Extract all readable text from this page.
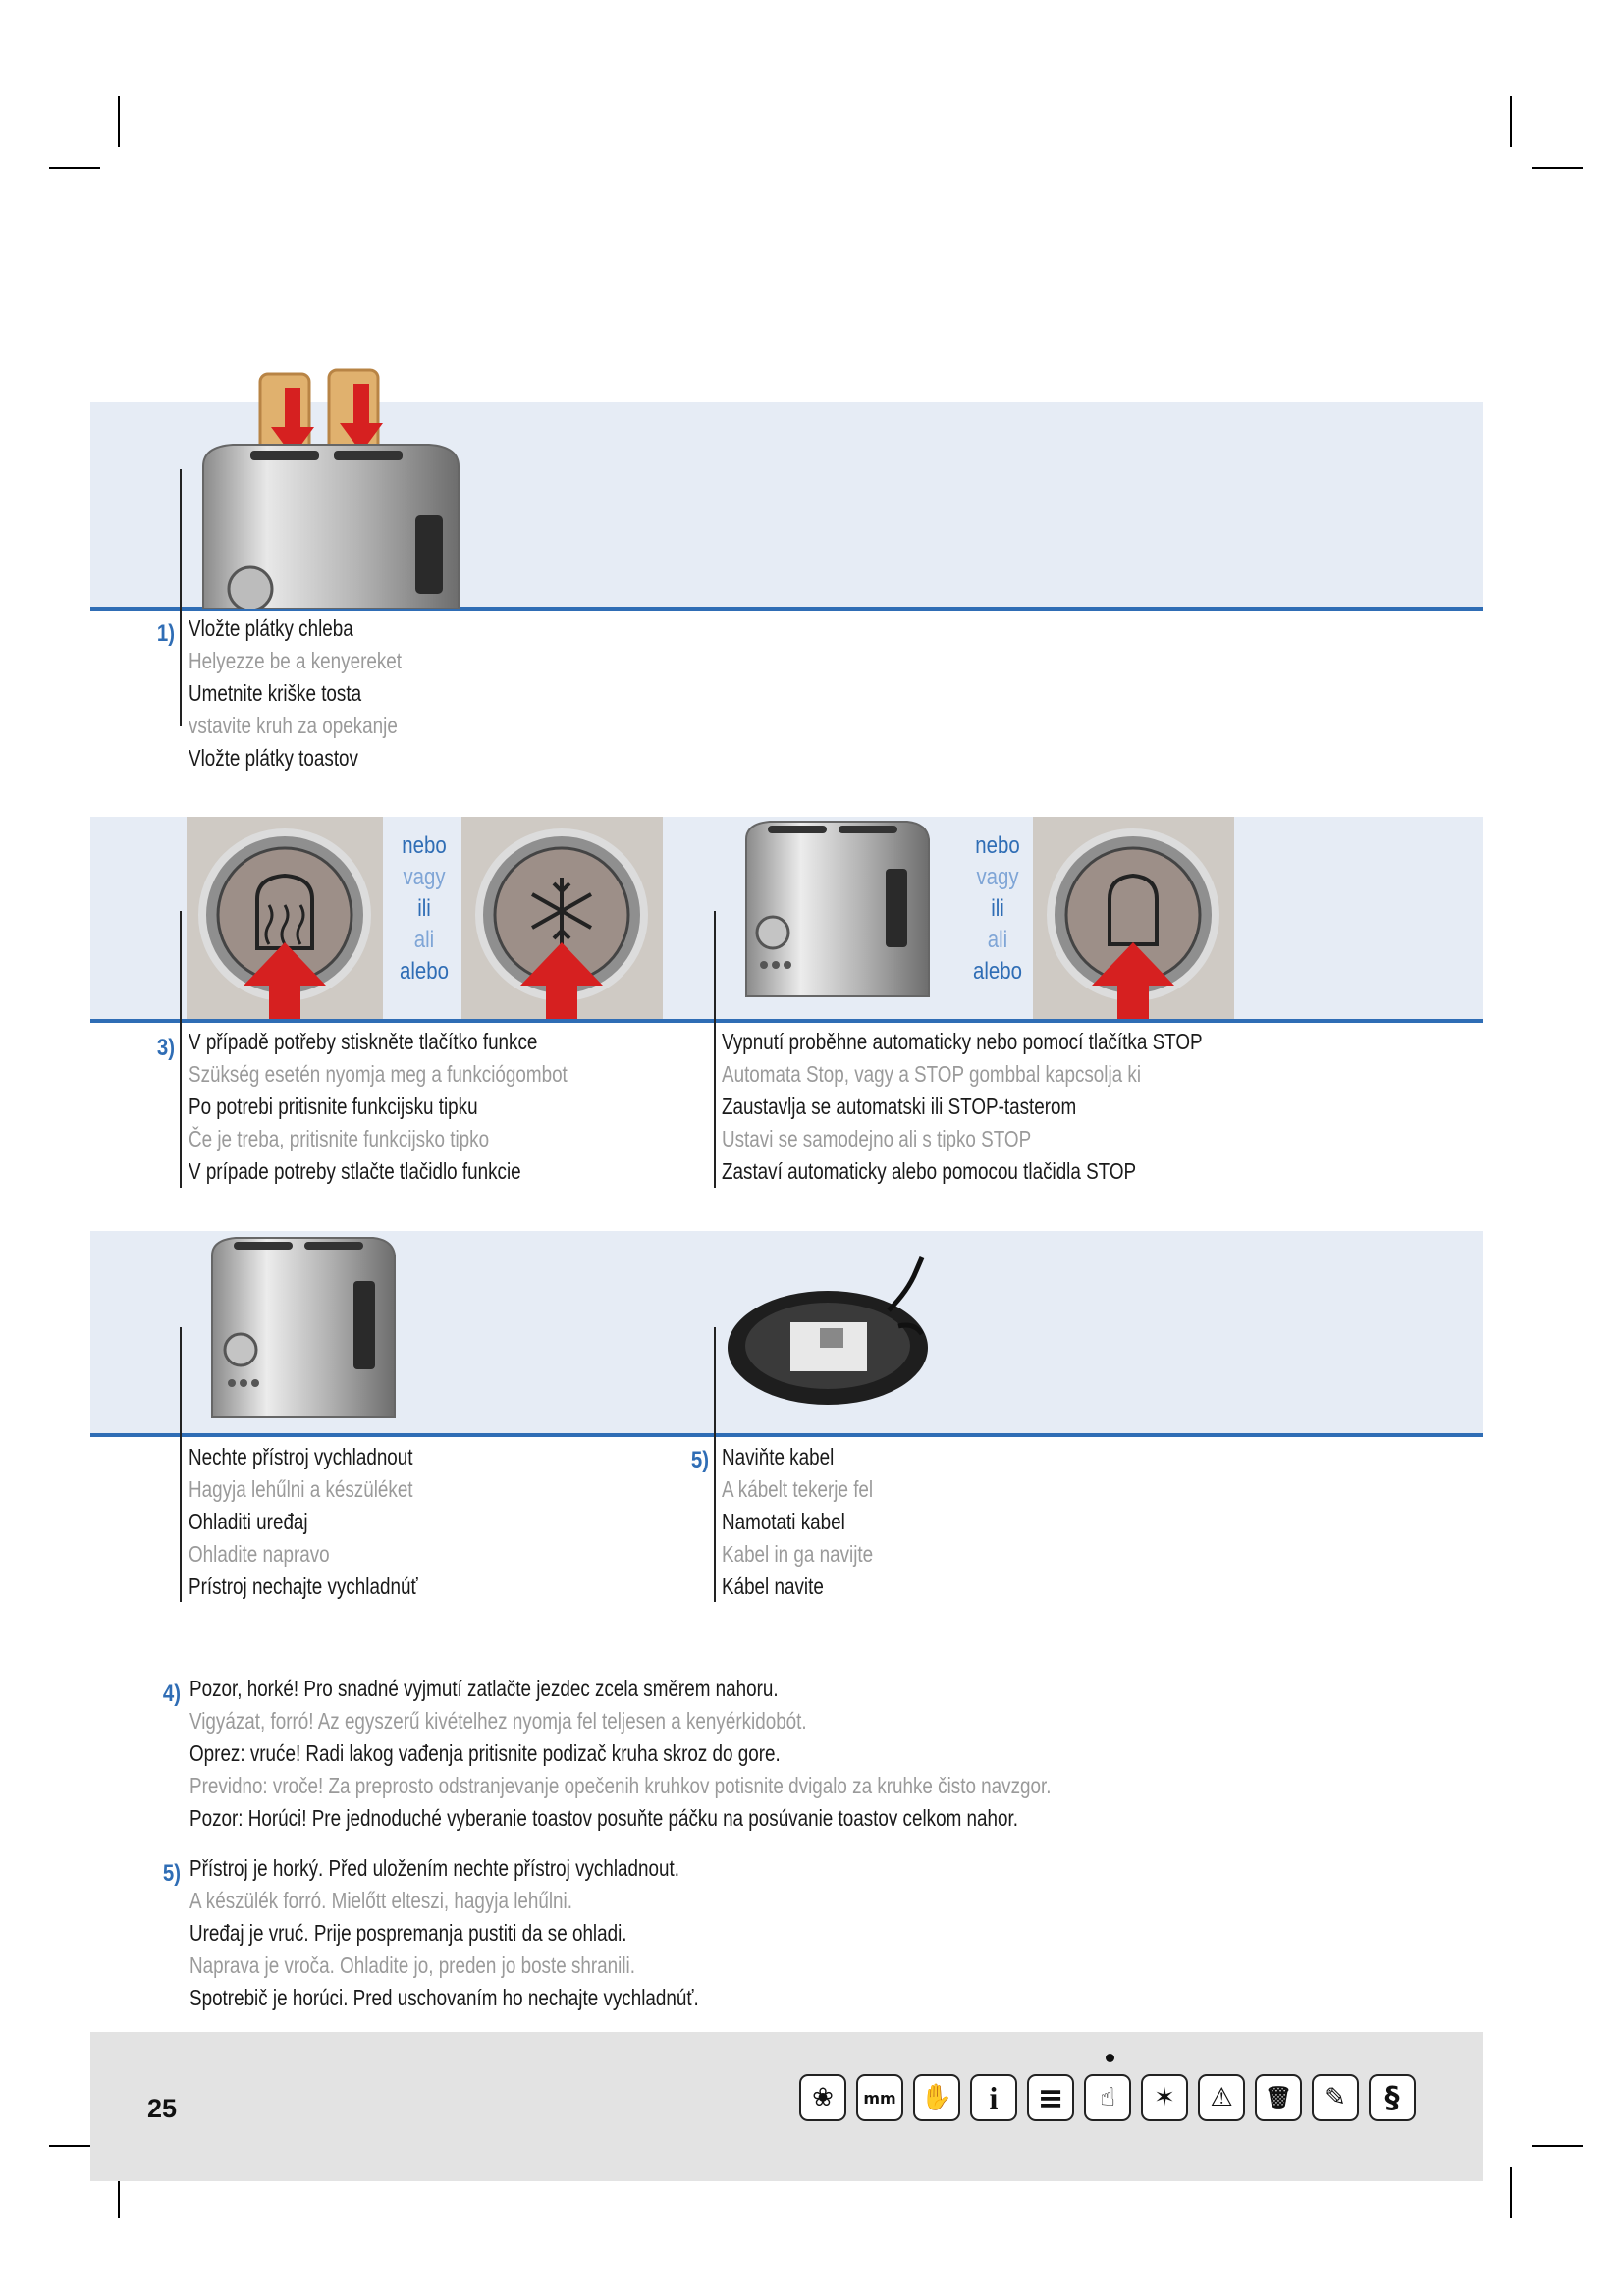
1) Vložte plátky chleba
Helyezze be a kenyereket
Umetnite kriške tosta
vstavite kruh za opekanje
Vložte plátky toastov
nebo
vagy
ili
ali
alebo
nebo
vagy
ili
ali
alebo
3) V případě potřeby stiskněte tlačítko funkce
Szükség esetén nyomja meg a funkciógombot
Po potrebi pritisnite funkcijsku tipku
Če je treba, pritisnite funkcijsko tipko
V prípade potreby stlačte tlačidlo funkcie
Vypnutí proběhne automaticky nebo pomocí tlačítka STOP
Automata Stop, vagy a STOP gombbal kapcsolja ki
Zaustavlja se automatski ili STOP-tasterom
Ustavi se samodejno ali s tipko STOP
Zastaví automaticky alebo pomocou tlačidla STOP
Nechte přístroj vychladnout
Hagyja lehűlni a készüléket
Ohladiti uređaj
Ohladite napravo
Prístroj nechajte vychladnúť
5) Naviňte kabel
A kábelt tekerje fel
Namotati kabel
Kabel in ga navijte
Kábel navite
4) Pozor, horké! Pro snadné vyjmutí zatlačte jezdec zcela směrem nahoru.
Vigyázat, forró! Az egyszerű kivételhez nyomja fel teljesen a kenyérkidobót.
Oprez: vruće! Radi lakog vađenja pritisnite podizač kruha skroz do gore.
Previdno: vroče! Za preprosto odstranjevanje opečenih kruhkov potisnite dvigalo za kruhke čisto navzgor.
Pozor: Horúci! Pre jednoduché vyberanie toastov posuňte páčku na posúvanie toastov celkom nahor.
5) Přístroj je horký. Před uložením nechte přístroj vychladnout.
A készülék forró. Mielőtt elteszi, hagyja lehűlni.
Uređaj je vruć. Prije pospremanja pustiti da se ohladi.
Naprava je vroča. Ohladite jo, preden jo boste shranili.
Spotrebič je horúci. Pred uschovaním ho nechajte vychladnúť.
25	❀	mm ✋	i	≡	☝	✶	⚠	🗑	✎	§
